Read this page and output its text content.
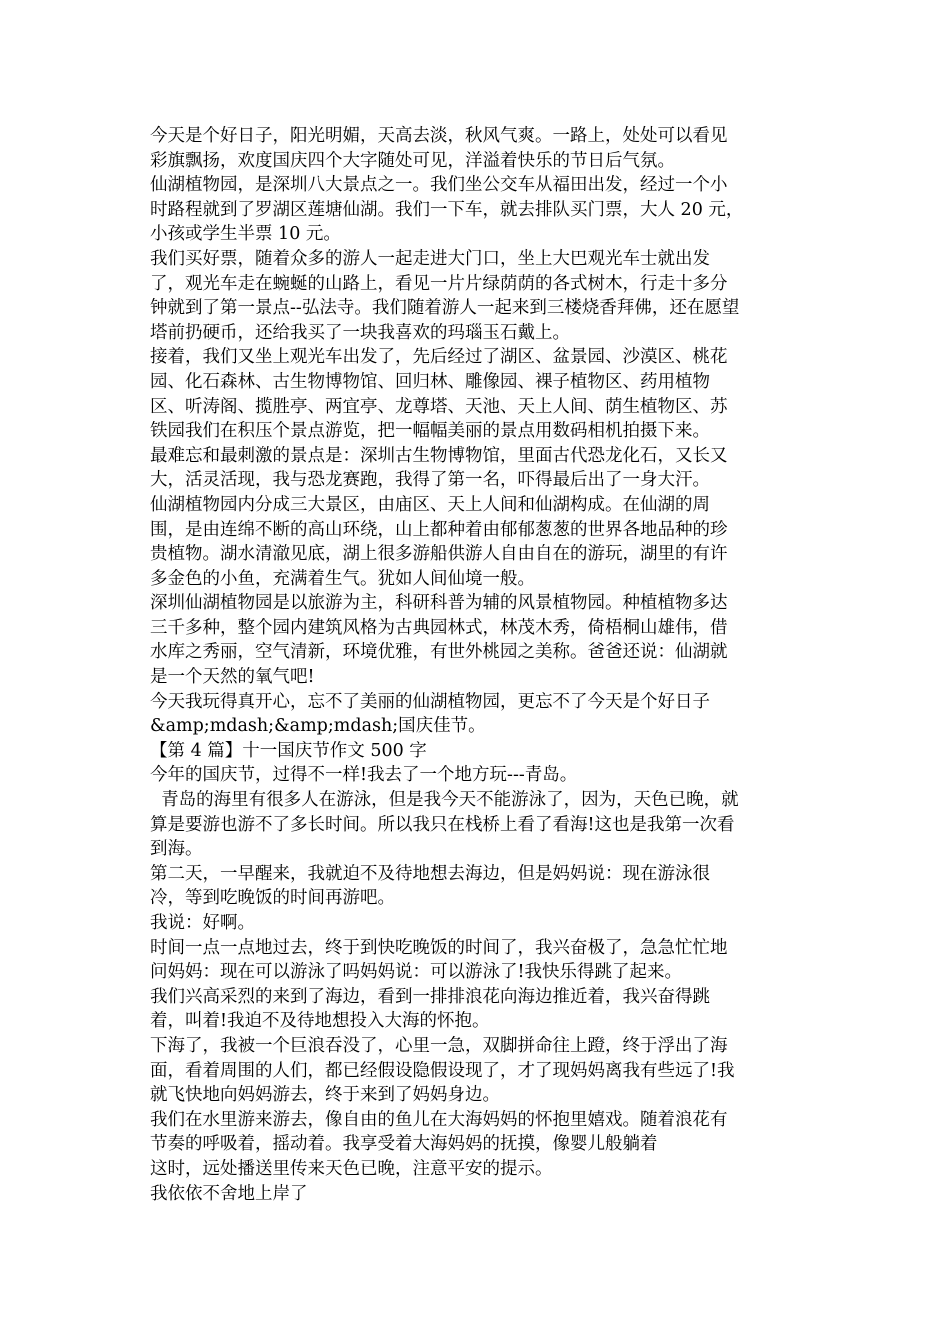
今天是个好日子，阳光明媚，天高去淡，秋风气爽。一路上，处处可以看见
彩旗飘扬，欢度国庆四个大字随处可见，洋溢着快乐的节日后气氛。
仙湖植物园，是深圳八大景点之一。我们坐公交车从福田出发，经过一个小
时路程就到了罗湖区莲塘仙湖。我们一下车，就去排队买门票，大人 20 元，
小孩或学生半票 10 元。
我们买好票，随着众多的游人一起走进大门口，坐上大巴观光车士就出发
了，观光车走在蜿蜒的山路上，看见一片片绿荫荫的各式树木，行走十多分
钟就到了第一景点--弘法寺。我们随着游人一起来到三楼烧香拜佛，还在愿望
塔前扔硬币，还给我买了一块我喜欢的玛瑙玉石戴上。
接着，我们又坐上观光车出发了，先后经过了湖区、盆景园、沙漠区、桃花
园、化石森林、古生物博物馆、回归林、雕像园、裸子植物区、药用植物
区、听涛阁、揽胜亭、两宜亭、龙尊塔、天池、天上人间、荫生植物区、苏
铁园我们在积压个景点游览，把一幅幅美丽的景点用数码相机拍摄下来。
最难忘和最刺激的景点是：深圳古生物博物馆，里面古代恐龙化石，又长又
大，活灵活现，我与恐龙赛跑，我得了第一名，吓得最后出了一身大汗。
仙湖植物园内分成三大景区，由庙区、天上人间和仙湖构成。在仙湖的周
围，是由连绵不断的高山环绕，山上都种着由郁郁葱葱的世界各地品种的珍
贵植物。湖水清澈见底，湖上很多游船供游人自由自在的游玩，湖里的有许
多金色的小鱼，充满着生气。犹如人间仙境一般。
深圳仙湖植物园是以旅游为主，科研科普为辅的风景植物园。种植植物多达
三千多种，整个园内建筑风格为古典园林式，林茂木秀，倚梧桐山雄伟，借
水库之秀丽，空气清新，环境优雅，有世外桃园之美称。爸爸还说：仙湖就
是一个天然的氧气吧!
今天我玩得真开心，忘不了美丽的仙湖植物园，更忘不了今天是个好日子
&amp;mdash;&amp;mdash;国庆佳节。
【第 4 篇】十一国庆节作文 500 字
今年的国庆节，过得不一样!我去了一个地方玩---青岛。
青岛的海里有很多人在游泳，但是我今天不能游泳了，因为，天色已晚，就
算是要游也游不了多长时间。所以我只在栈桥上看了看海!这也是我第一次看
到海。
第二天，一早醒来，我就迫不及待地想去海边，但是妈妈说：现在游泳很
冷，等到吃晚饭的时间再游吧。
我说：好啊。
时间一点一点地过去，终于到快吃晚饭的时间了，我兴奋极了，急急忙忙地
问妈妈：现在可以游泳了吗妈妈说：可以游泳了!我快乐得跳了起来。
我们兴高采烈的来到了海边，看到一排排浪花向海边推近着，我兴奋得跳
着，叫着!我迫不及待地想投入大海的怀抱。
下海了，我被一个巨浪吞没了，心里一急，双脚拼命往上蹬，终于浮出了海
面，看着周围的人们，都已经假设隐假设现了，才了现妈妈离我有些远了!我
就飞快地向妈妈游去，终于来到了妈妈身边。
我们在水里游来游去，像自由的鱼儿在大海妈妈的怀抱里嬉戏。随着浪花有
节奏的呼吸着，摇动着。我享受着大海妈妈的抚摸，像婴儿般躺着
这时，远处播送里传来天色已晚，注意平安的提示。
我依依不舍地上岸了
